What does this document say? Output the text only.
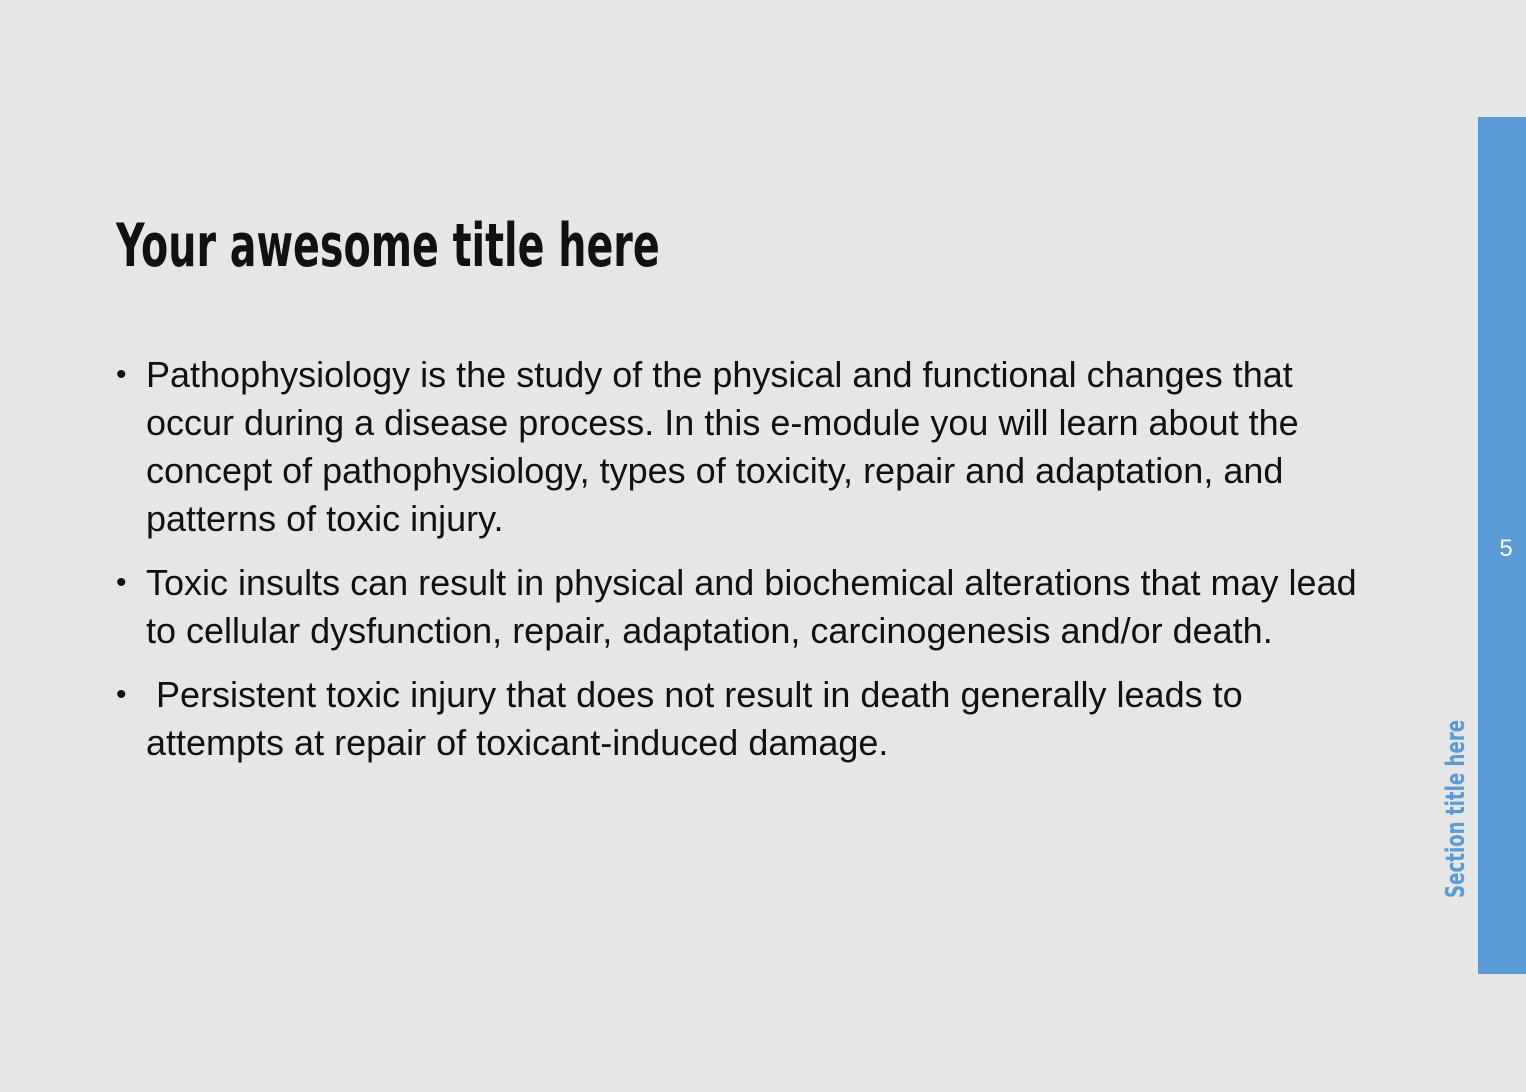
Your awesome title here
• Pathophysiology is the study of the physical and functional changes that occur during a disease process. In this e-module you will learn about the concept of pathophysiology, types of toxicity, repair and adaptation, and patterns of toxic injury.
• Toxic insults can result in physical and biochemical alterations that may lead to cellular dysfunction, repair, adaptation, carcinogenesis and/or death.
• Persistent toxic injury that does not result in death generally leads to attempts at repair of toxicant-induced damage.
5
Section title here
